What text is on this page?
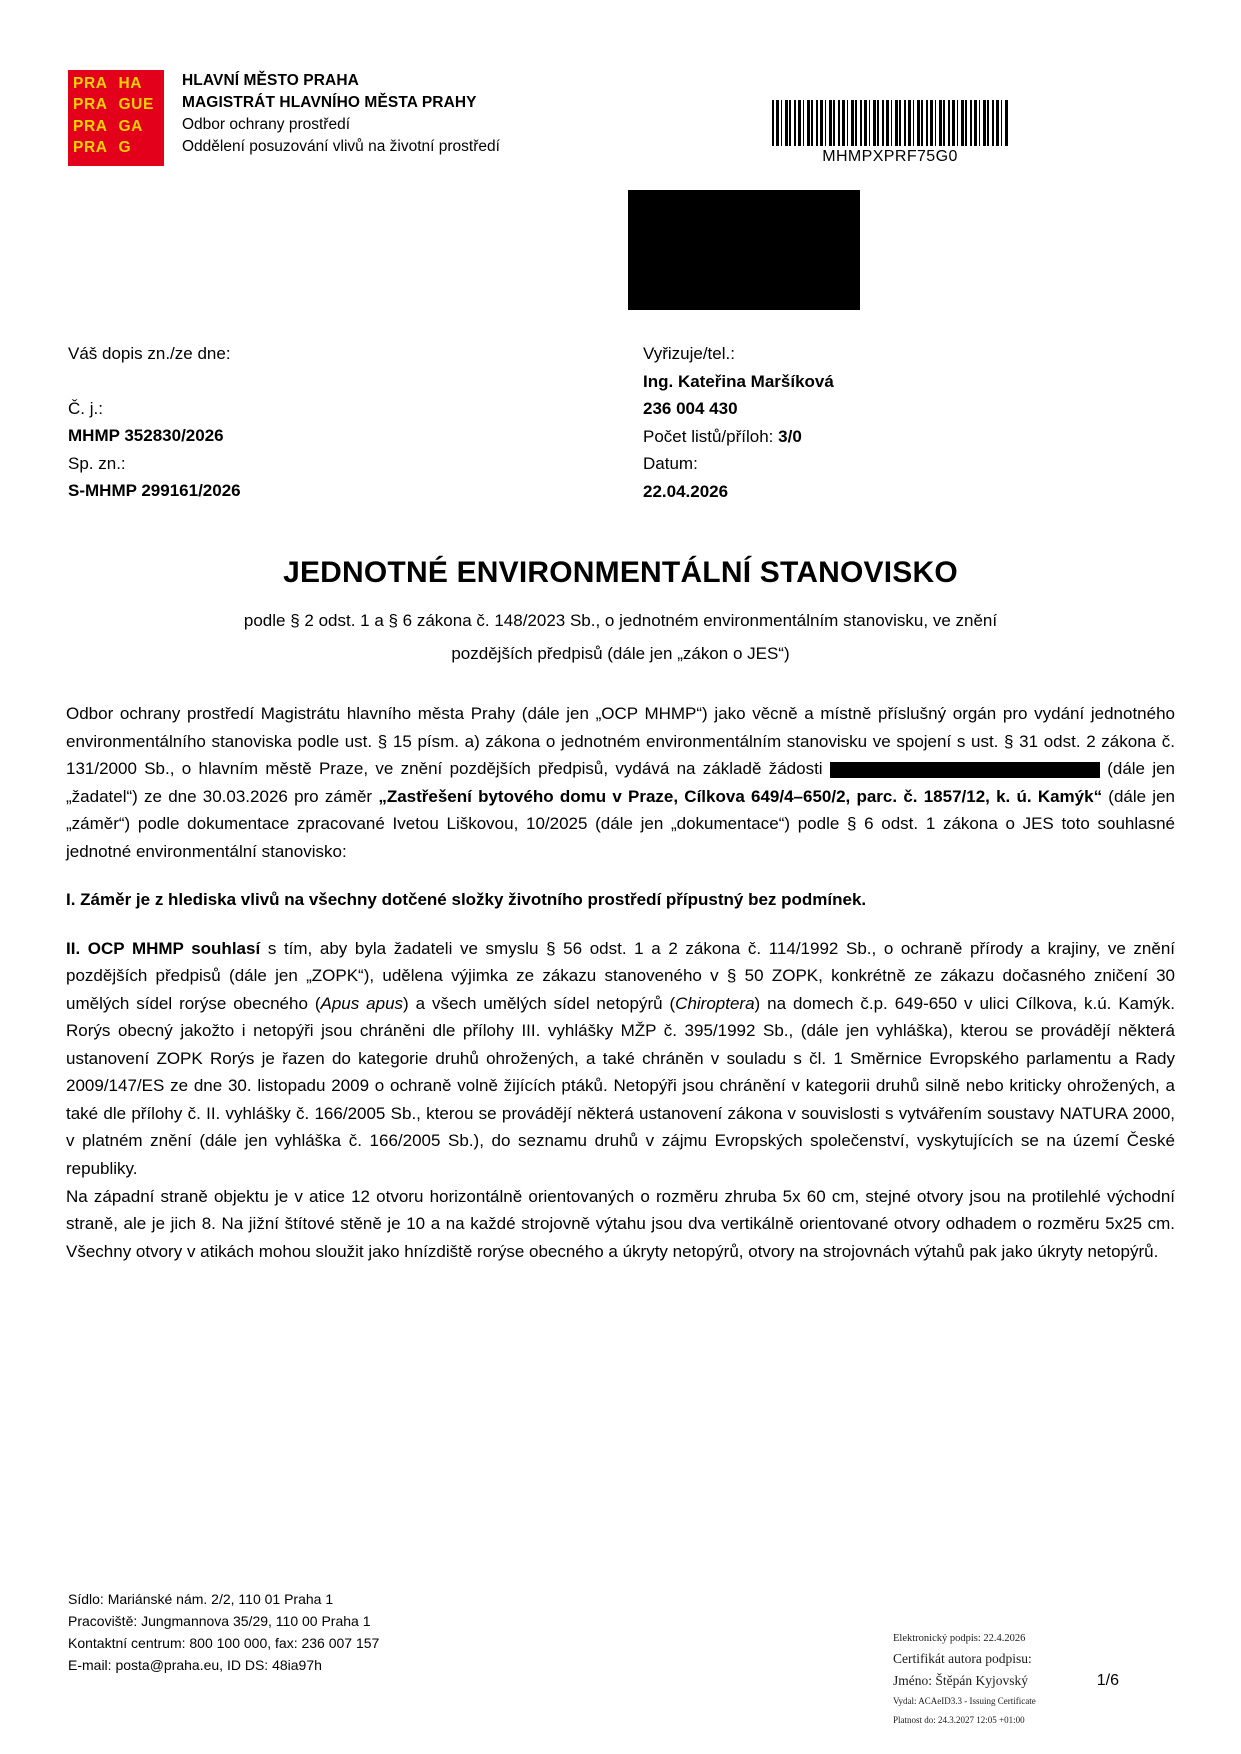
PRA HA
PRA GUE
PRA GA
PRA G
HLAVNÍ MĚSTO PRAHA
MAGISTRÁT HLAVNÍHO MĚSTA PRAHY
Odbor ochrany prostředí
Oddělení posuzování vlivů na životní prostředí
MHMPXPRF75G0
Váš dopis zn./ze dne:
Č. j.:
MHMP 352830/2026
Sp. zn.:
S-MHMP 299161/2026
Vyřizuje/tel.:
Ing. Kateřina Maršíková
236 004 430
Počet listů/příloh: 3/0
Datum:
22.04.2026
JEDNOTNÉ ENVIRONMENTÁLNÍ STANOVISKO
podle § 2 odst. 1 a § 6 zákona č. 148/2023 Sb., o jednotném environmentálním stanovisku, ve znění
pozdějších předpisů (dále jen „zákon o JES“)

Odbor ochrany prostředí Magistrátu hlavního města Prahy (dále jen „OCP MHMP“) jako věcně a místně příslušný orgán pro vydání jednotného environmentálního stanoviska podle ust. § 15 písm. a) zákona o jednotném environmentálním stanovisku ve spojení s ust. § 31 odst. 2 zákona č. 131/2000 Sb., o hlavním městě Praze, ve znění pozdějších předpisů, vydává na základě žádosti	(dále jen „žadatel“) ze dne 30.03.2026 pro záměr „Zastřešení bytového domu v Praze, Cílkova 649/4–650/2, parc. č. 1857/12, k. ú. Kamýk“ (dále jen „záměr“) podle dokumentace zpracované Ivetou Liškovou, 10/2025 (dále jen „dokumentace“) podle § 6 odst. 1 zákona o JES toto souhlasné jednotné environmentální stanovisko:

I. Záměr je z hlediska vlivů na všechny dotčené složky životního prostředí přípustný bez podmínek.

II. OCP MHMP souhlasí s tím, aby byla žadateli ve smyslu § 56 odst. 1 a 2 zákona č. 114/1992 Sb., o ochraně přírody a krajiny, ve znění pozdějších předpisů (dále jen „ZOPK“), udělena výjimka ze zákazu stanoveného v § 50 ZOPK, konkrétně ze zákazu dočasného zničení 30 umělých sídel rorýse obecného (Apus apus) a všech umělých sídel netopýrů (Chiroptera) na domech č.p. 649-650 v ulici Cílkova, k.ú. Kamýk. Rorýs obecný jakožto i netopýři jsou chráněni dle přílohy III. vyhlášky MŽP č. 395/1992 Sb., (dále jen vyhláška), kterou se provádějí některá ustanovení ZOPK Rorýs je řazen do kategorie druhů ohrožených, a také chráněn v souladu s čl. 1 Směrnice Evropského parlamentu a Rady 2009/147/ES ze dne 30. listopadu 2009 o ochraně volně žijících ptáků. Netopýři jsou chránění v kategorii druhů silně nebo kriticky ohrožených, a také dle přílohy č. II. vyhlášky č. 166/2005 Sb., kterou se provádějí některá ustanovení zákona v souvislosti s vytvářením soustavy NATURA 2000, v platném znění (dále jen vyhláška č. 166/2005 Sb.), do seznamu druhů v zájmu Evropských společenství, vyskytujících se na území České republiky.

Na západní straně objektu je v atice 12 otvoru horizontálně orientovaných o rozměru zhruba 5x 60 cm, stejné otvory jsou na protilehlé východní straně, ale je jich 8. Na jižní štítové stěně je 10 a na každé strojovně výtahu jsou dva vertikálně orientované otvory odhadem o rozměru 5x25 cm. Všechny otvory v atikách mohou sloužit jako hnízdiště rorýse obecného a úkryty netopýrů, otvory na strojovnách výtahů pak jako úkryty netopýrů.

Sídlo: Mariánské nám. 2/2, 110 01 Praha 1
Pracoviště: Jungmannova 35/29, 110 00 Praha 1
Kontaktní centrum: 800 100 000, fax: 236 007 157
E-mail: posta@praha.eu, ID DS: 48ia97h
Elektronický podpis: 22.4.2026
Certifikát autora podpisu:
Jméno: Štěpán Kyjovský
Vydal: ACAeID3.3 - Issuing Certificate
Platnost do: 24.3.2027 12:05 +01:00
1/6
